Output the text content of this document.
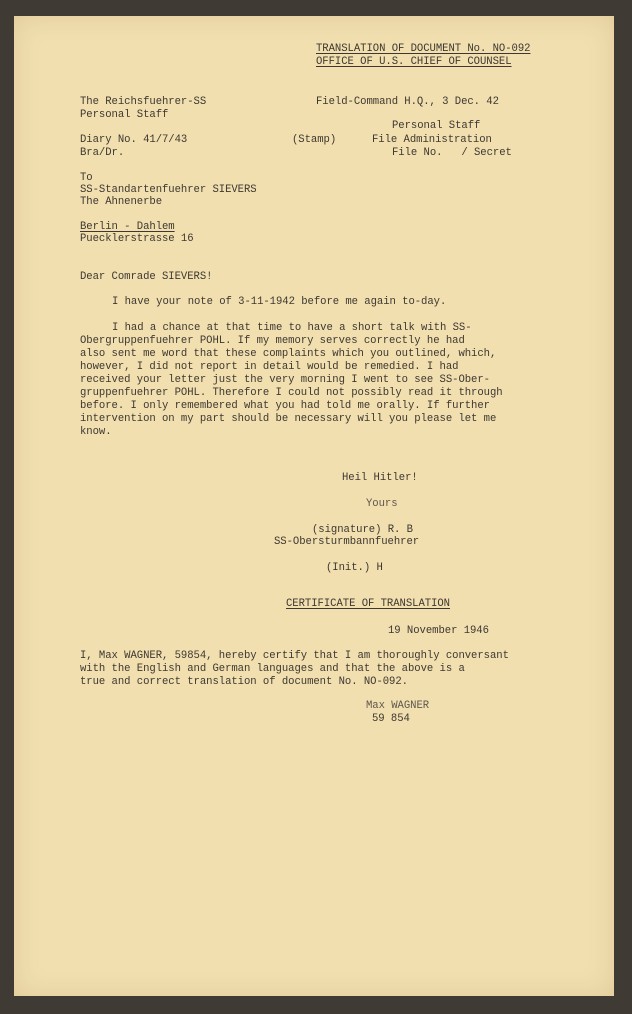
TRANSLATION OF DOCUMENT No. NO-092
OFFICE OF U.S. CHIEF OF COUNSEL
The Reichsfuehrer-SS
Personal Staff
Field-Command H.Q., 3 Dec. 42
Personal Staff
Diary No. 41/7/43	(Stamp)	File Administration
Bra/Dr.	File No.   / Secret
To
SS-Standartenfuehrer SIEVERS
The Ahnenerbe
Berlin - Dahlem
Puecklerstrasse 16
Dear Comrade SIEVERS!
I have your note of 3-11-1942 before me again to-day.
I had a chance at that time to have a short talk with SS-
Obergruppenfuehrer POHL. If my memory serves correctly he had
also sent me word that these complaints which you outlined, which,
however, I did not report in detail would be remedied. I had
received your letter just the very morning I went to see SS-Ober-
gruppenfuehrer POHL. Therefore I could not possibly read it through
before. I only remembered what you had told me orally. If further
intervention on my part should be necessary will you please let me
know.
Heil Hitler!
Yours
(signature) R. B
SS-Obersturmbannfuehrer
(Init.) H
CERTIFICATE OF TRANSLATION
19 November 1946
I, Max WAGNER, 59854, hereby certify that I am thoroughly conversant
with the English and German languages and that the above is a
true and correct translation of document No. NO-092.
Max WAGNER
59 854
